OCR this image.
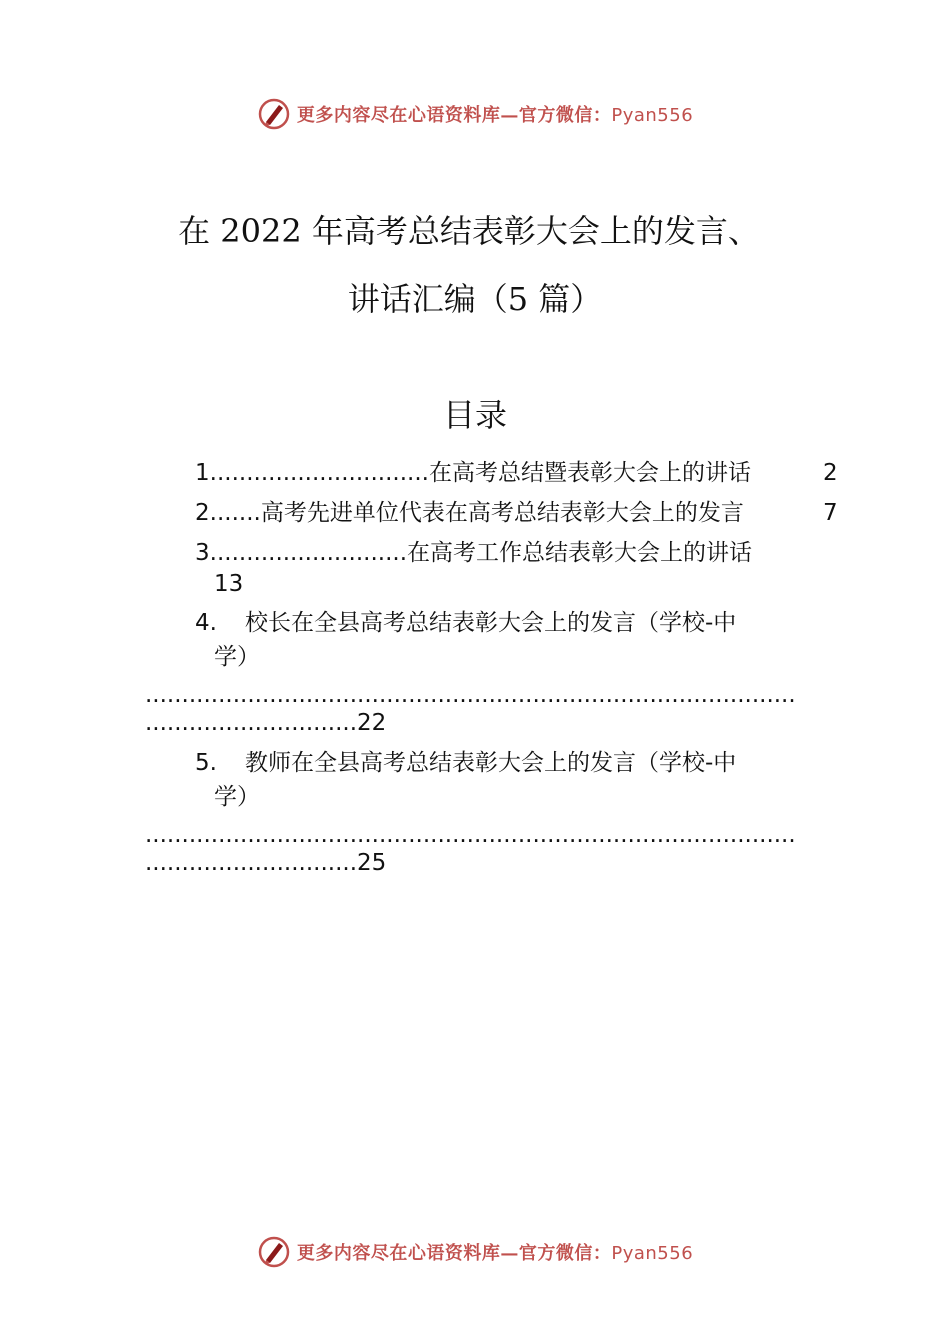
更多内容尽在心语资料库—官方微信：Pyan556
在 2022 年高考总结表彰大会上的发言、
讲话汇编（5 篇）
目录
1..............................在高考总结暨表彰大会上的讲话	2
2.......高考先进单位代表在高考总结表彰大会上的发言	7
3...........................在高考工作总结表彰大会上的讲话
13
4. 校长在全县高考总结表彰大会上的发言（学校-中
学）
.........................................................................................
.............................22
5. 教师在全县高考总结表彰大会上的发言（学校-中
学）
.........................................................................................
.............................25
更多内容尽在心语资料库—官方微信：Pyan556
